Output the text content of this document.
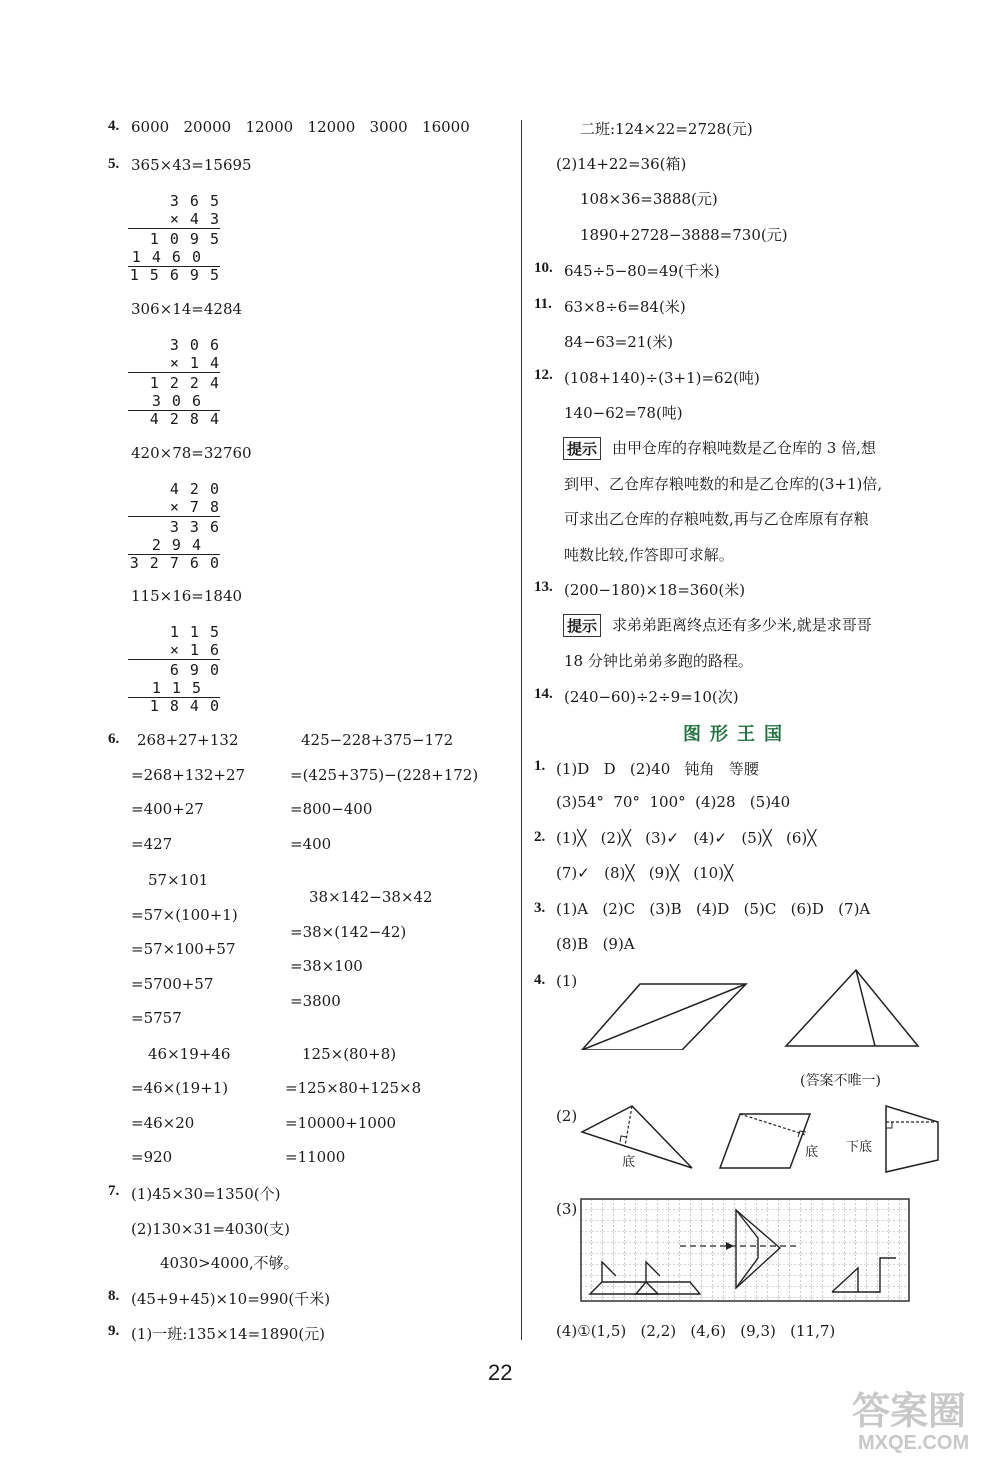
4. 6000   20000   12000   12000   3000   16000
5. 365×43=15695
3 6 5
× 4 3
1 0 9 5
1 4 6 0
1 5 6 9 5
306×14=4284
3 0 6
× 1 4
1 2 2 4
3 0 6
4 2 8 4
420×78=32760
4 2 0
× 7 8
3 3 6
2 9 4
3 2 7 6 0
115×16=1840
1 1 5
× 1 6
6 9 0
1 1 5
1 8 4 0
6. 268+27+132
=268+132+27
=400+27
=427
425−228+375−172
=(425+375)−(228+172)
=800−400
=400
57×101
=57×(100+1)
=57×100+57
=5700+57
=5757
38×142−38×42
=38×(142−42)
=38×100
=3800
46×19+46
=46×(19+1)
=46×20
=920
125×(80+8)
=125×80+125×8
=10000+1000
=11000
7. (1)45×30=1350(个)
(2)130×31=4030(支)
4030>4000,不够。
8. (45+9+45)×10=990(千米)
9. (1)一班:135×14=1890(元)
二班:124×22=2728(元)
(2)14+22=36(箱)
108×36=3888(元)
1890+2728−3888=730(元)
10. 645÷5−80=49(千米)
11. 63×8÷6=84(米)
84−63=21(米)
12. (108+140)÷(3+1)=62(吨)
140−62=78(吨)
提示 由甲仓库的存粮吨数是乙仓库的 3 倍,想
到甲、乙仓库存粮吨数的和是乙仓库的(3+1)倍,
可求出乙仓库的存粮吨数,再与乙仓库原有存粮
吨数比较,作答即可求解。
13. (200−180)×18=360(米)
提示 求弟弟距离终点还有多少米,就是求哥哥
18 分钟比弟弟多跑的路程。
14. (240−60)÷2÷9=10(次)
图形王国
1. (1)D   D   (2)40   钝角   等腰
(3)54°  70°  100°  (4)28   (5)40
2. (1)╳   (2)╳   (3)✓   (4)✓   (5)╳   (6)╳
(7)✓   (8)╳   (9)╳   (10)╳
3. (1)A   (2)C   (3)B   (4)D   (5)C   (6)D   (7)A
(8)B   (9)A
4. (1)
(答案不唯一)
(2)
底
底 下底
(3)
(4)①(1,5)   (2,2)   (4,6)   (9,3)   (11,7)
22
答案圈
MXQE.COM
